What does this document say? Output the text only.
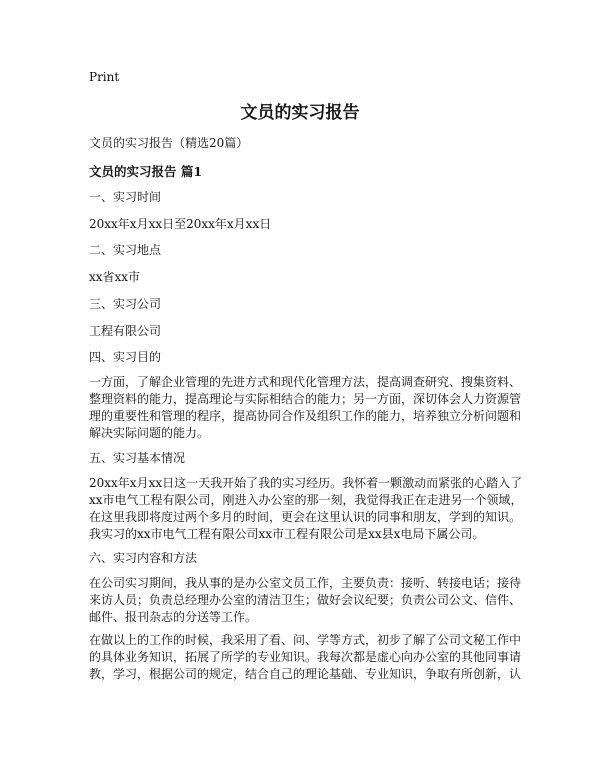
Print
文员的实习报告
文员的实习报告（精选20篇）
文员的实习报告 篇1
一、实习时间
20xx年x月xx日至20xx年x月xx日
二、实习地点
xx省xx市
三、实习公司
工程有限公司
四、实习目的
一方面，了解企业管理的先进方式和现代化管理方法，提高调查研究、搜集资料、
整理资料的能力，提高理论与实际相结合的能力；另一方面，深切体会人力资源管
理的重要性和管理的程序，提高协同合作及组织工作的能力，培养独立分析问题和
解决实际问题的能力。
五、实习基本情况
20xx年x月xx日这一天我开始了我的实习经历。我怀着一颗激动而紧张的心踏入了
xx市电气工程有限公司，刚进入办公室的那一刻，我觉得我正在走进另一个领域，
在这里我即将度过两个多月的时间，更会在这里认识的同事和朋友，学到的知识。
我实习的xx市电气工程有限公司xx市工程有限公司是xx县x电局下属公司。
六、实习内容和方法
在公司实习期间，我从事的是办公室文员工作，主要负责：接听、转接电话；接待
来访人员；负责总经理办公室的清洁卫生；做好会议纪要；负责公司公文、信件、
邮件、报刊杂志的分送等工作。
在做以上的工作的时候，我采用了看、问、学等方式，初步了解了公司文秘工作中
的具体业务知识，拓展了所学的专业知识。我每次都是虚心向办公室的其他同事请
教，学习，根据公司的规定，结合自己的理论基础、专业知识，争取有所创新，认
